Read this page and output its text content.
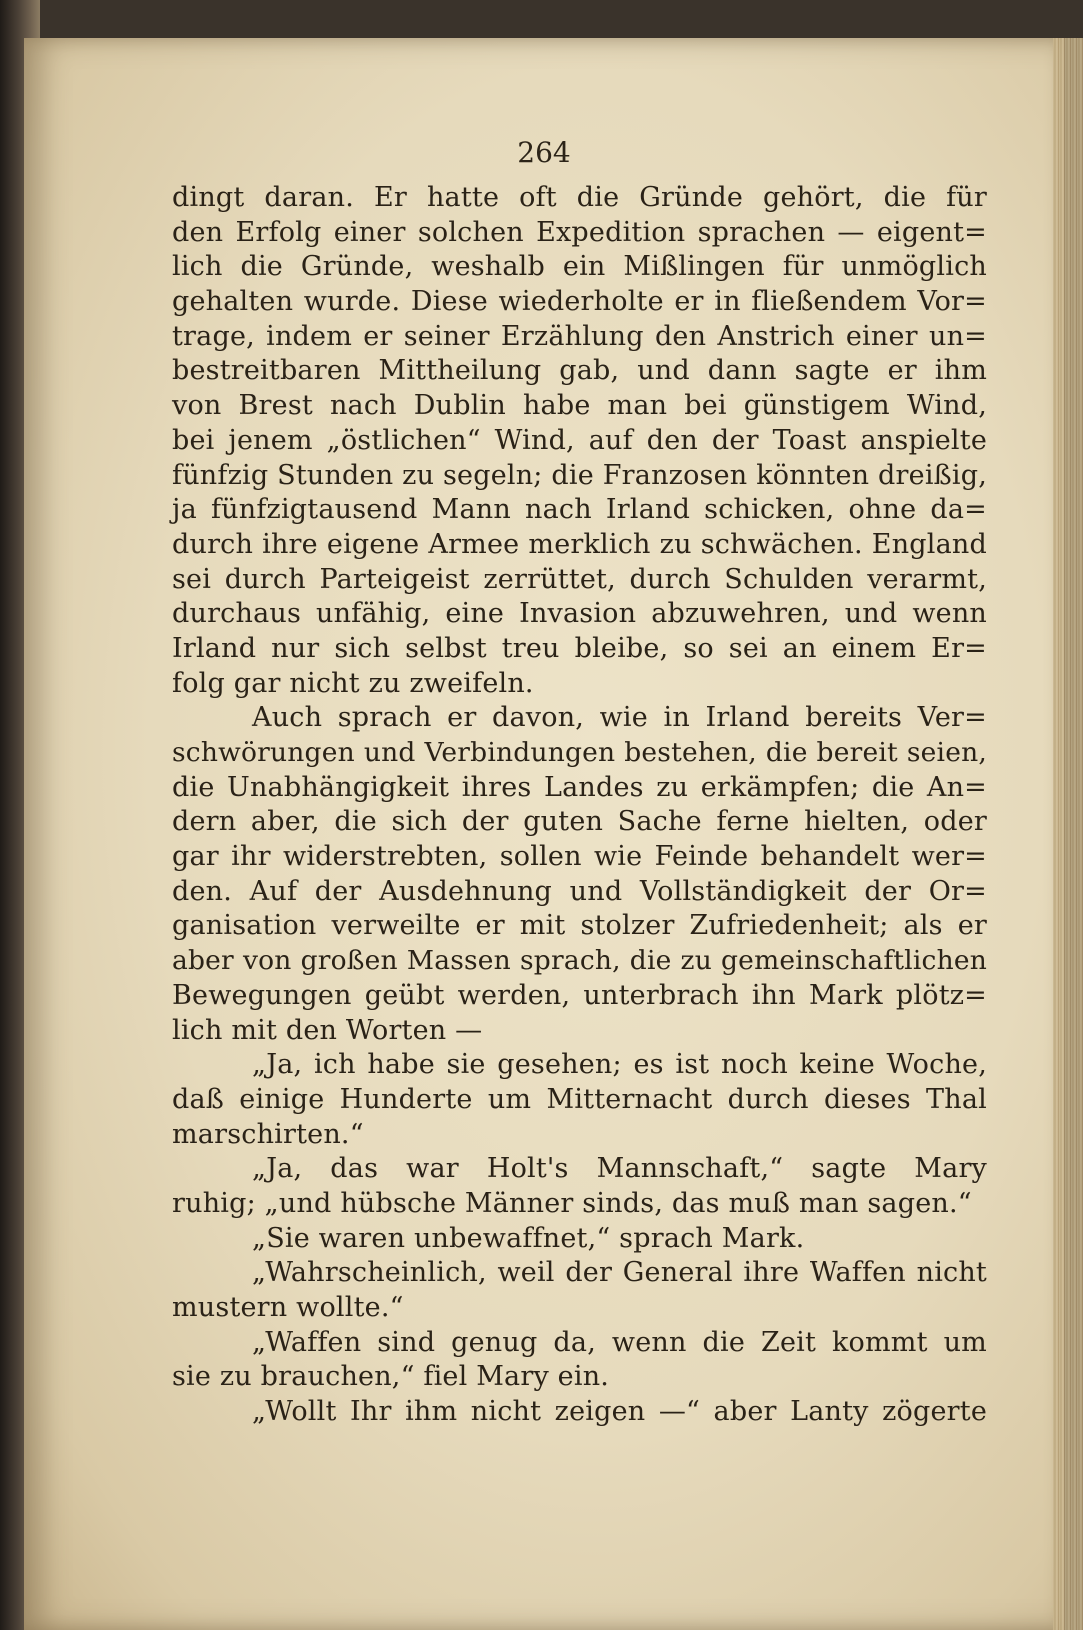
264
dingt daran. Er hatte oft die Gründe gehört, die für
den Erfolg einer solchen Expedition sprachen — eigent=
lich die Gründe, weshalb ein Mißlingen für unmöglich
gehalten wurde. Diese wiederholte er in fließendem Vor=
trage, indem er seiner Erzählung den Anstrich einer un=
bestreitbaren Mittheilung gab, und dann sagte er ihm
von Brest nach Dublin habe man bei günstigem Wind,
bei jenem „östlichen“ Wind, auf den der Toast anspielte
fünfzig Stunden zu segeln; die Franzosen könnten dreißig,
ja fünfzigtausend Mann nach Irland schicken, ohne da=
durch ihre eigene Armee merklich zu schwächen. England
sei durch Parteigeist zerrüttet, durch Schulden verarmt,
durchaus unfähig, eine Invasion abzuwehren, und wenn
Irland nur sich selbst treu bleibe, so sei an einem Er=
folg gar nicht zu zweifeln.
Auch sprach er davon, wie in Irland bereits Ver=
schwörungen und Verbindungen bestehen, die bereit seien,
die Unabhängigkeit ihres Landes zu erkämpfen; die An=
dern aber, die sich der guten Sache ferne hielten, oder
gar ihr widerstrebten, sollen wie Feinde behandelt wer=
den. Auf der Ausdehnung und Vollständigkeit der Or=
ganisation verweilte er mit stolzer Zufriedenheit; als er
aber von großen Massen sprach, die zu gemeinschaftlichen
Bewegungen geübt werden, unterbrach ihn Mark plötz=
lich mit den Worten —
„Ja, ich habe sie gesehen; es ist noch keine Woche,
daß einige Hunderte um Mitternacht durch dieses Thal
marschirten.“
„Ja, das war Holt's Mannschaft,“ sagte Mary
ruhig; „und hübsche Männer sinds, das muß man sagen.“
„Sie waren unbewaffnet,“ sprach Mark.
„Wahrscheinlich, weil der General ihre Waffen nicht
mustern wollte.“
„Waffen sind genug da, wenn die Zeit kommt um
sie zu brauchen,“ fiel Mary ein.
„Wollt Ihr ihm nicht zeigen —“ aber Lanty zögerte
